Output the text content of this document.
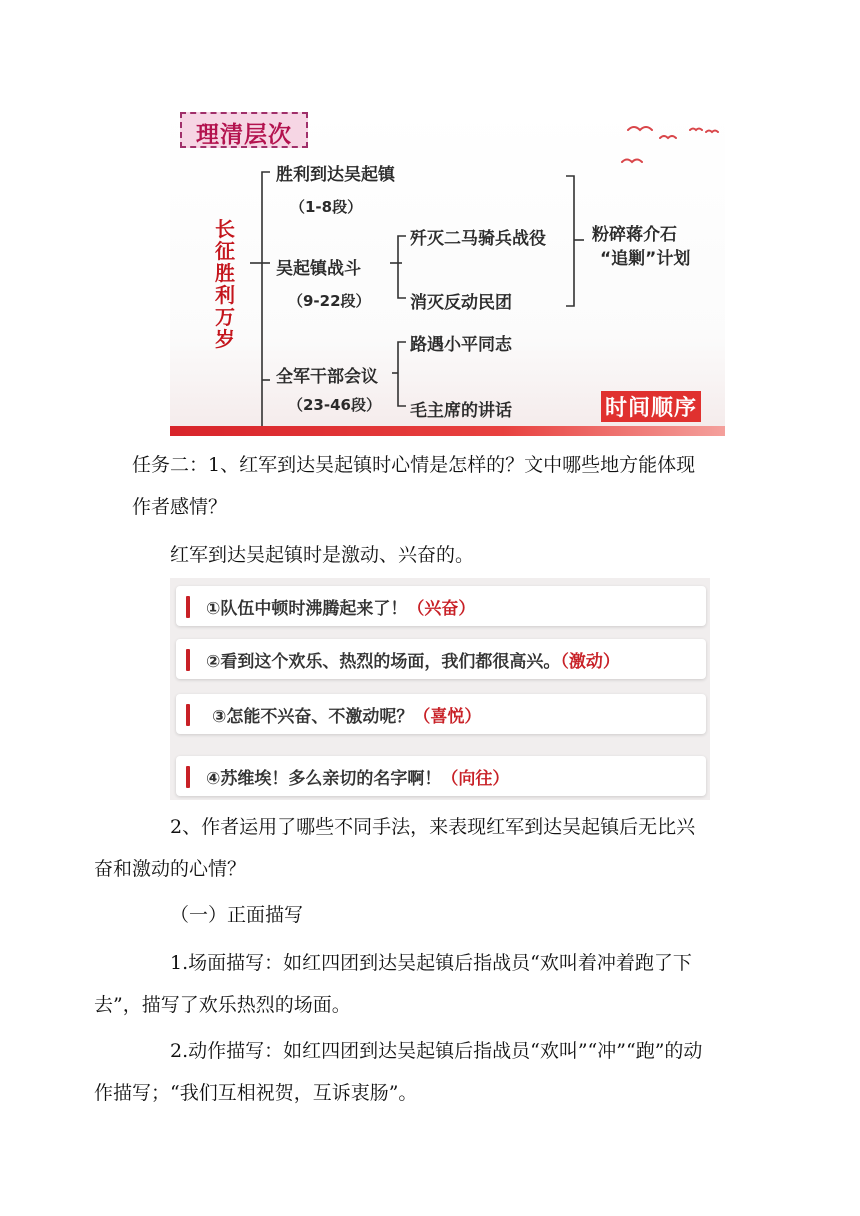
理清层次
长征胜利万岁
胜利到达吴起镇
（1-8段）
吴起镇战斗
（9-22段）
歼灭二马骑兵战役
消灭反动民团
全军干部会议
（23-46段）
路遇小平同志
毛主席的讲话
粉碎蒋介石
“追剿”计划
时间顺序

任务二：1、红军到达吴起镇时心情是怎样的？文中哪些地方能体现
作者感情？

红军到达吴起镇时是激动、兴奋的。

①队伍中顿时沸腾起来了！（兴奋）
②看到这个欢乐、热烈的场面，我们都很高兴。（激动）
③怎能不兴奋、不激动呢？（喜悦）
④苏维埃！多么亲切的名字啊！（向往）

2、作者运用了哪些不同手法，来表现红军到达吴起镇后无比兴
奋和激动的心情？

（一）正面描写

1.场面描写：如红四团到达吴起镇后指战员“欢叫着冲着跑了下
去”，描写了欢乐热烈的场面。

2.动作描写：如红四团到达吴起镇后指战员“欢叫”“冲”“跑”的动
作描写；“我们互相祝贺，互诉衷肠”。
